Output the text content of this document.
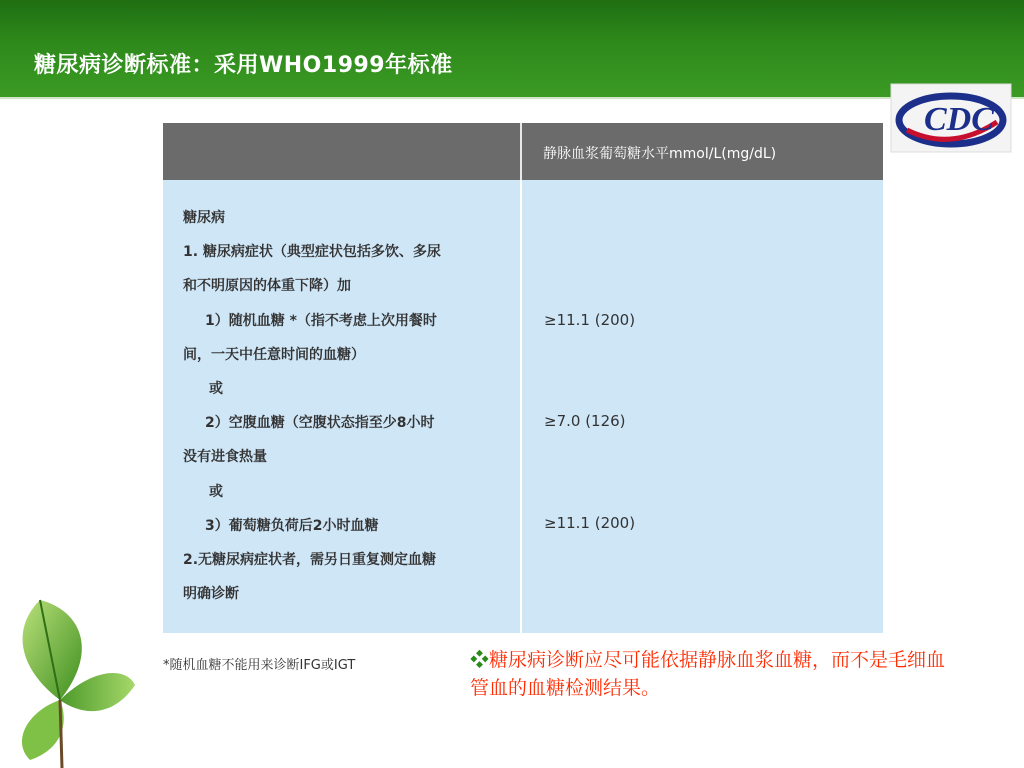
糖尿病诊断标准：采用WHO1999年标准
CDC
静脉血浆葡萄糖水平mmol/L(mg/dL)
糖尿病
1. 糖尿病症状（典型症状包括多饮、多尿
和不明原因的体重下降）加
1）随机血糖 *（指不考虑上次用餐时
间，一天中任意时间的血糖）
或
2）空腹血糖（空腹状态指至少8小时
没有进食热量
或
3）葡萄糖负荷后2小时血糖
2.无糖尿病症状者，需另日重复测定血糖
明确诊断
≥11.1 (200)
≥7.0 (126)
≥11.1 (200)
*随机血糖不能用来诊断IFG或IGT	❖糖尿病诊断应尽可能依据静脉血浆血糖，而不是毛细血管血的血糖检测结果。
